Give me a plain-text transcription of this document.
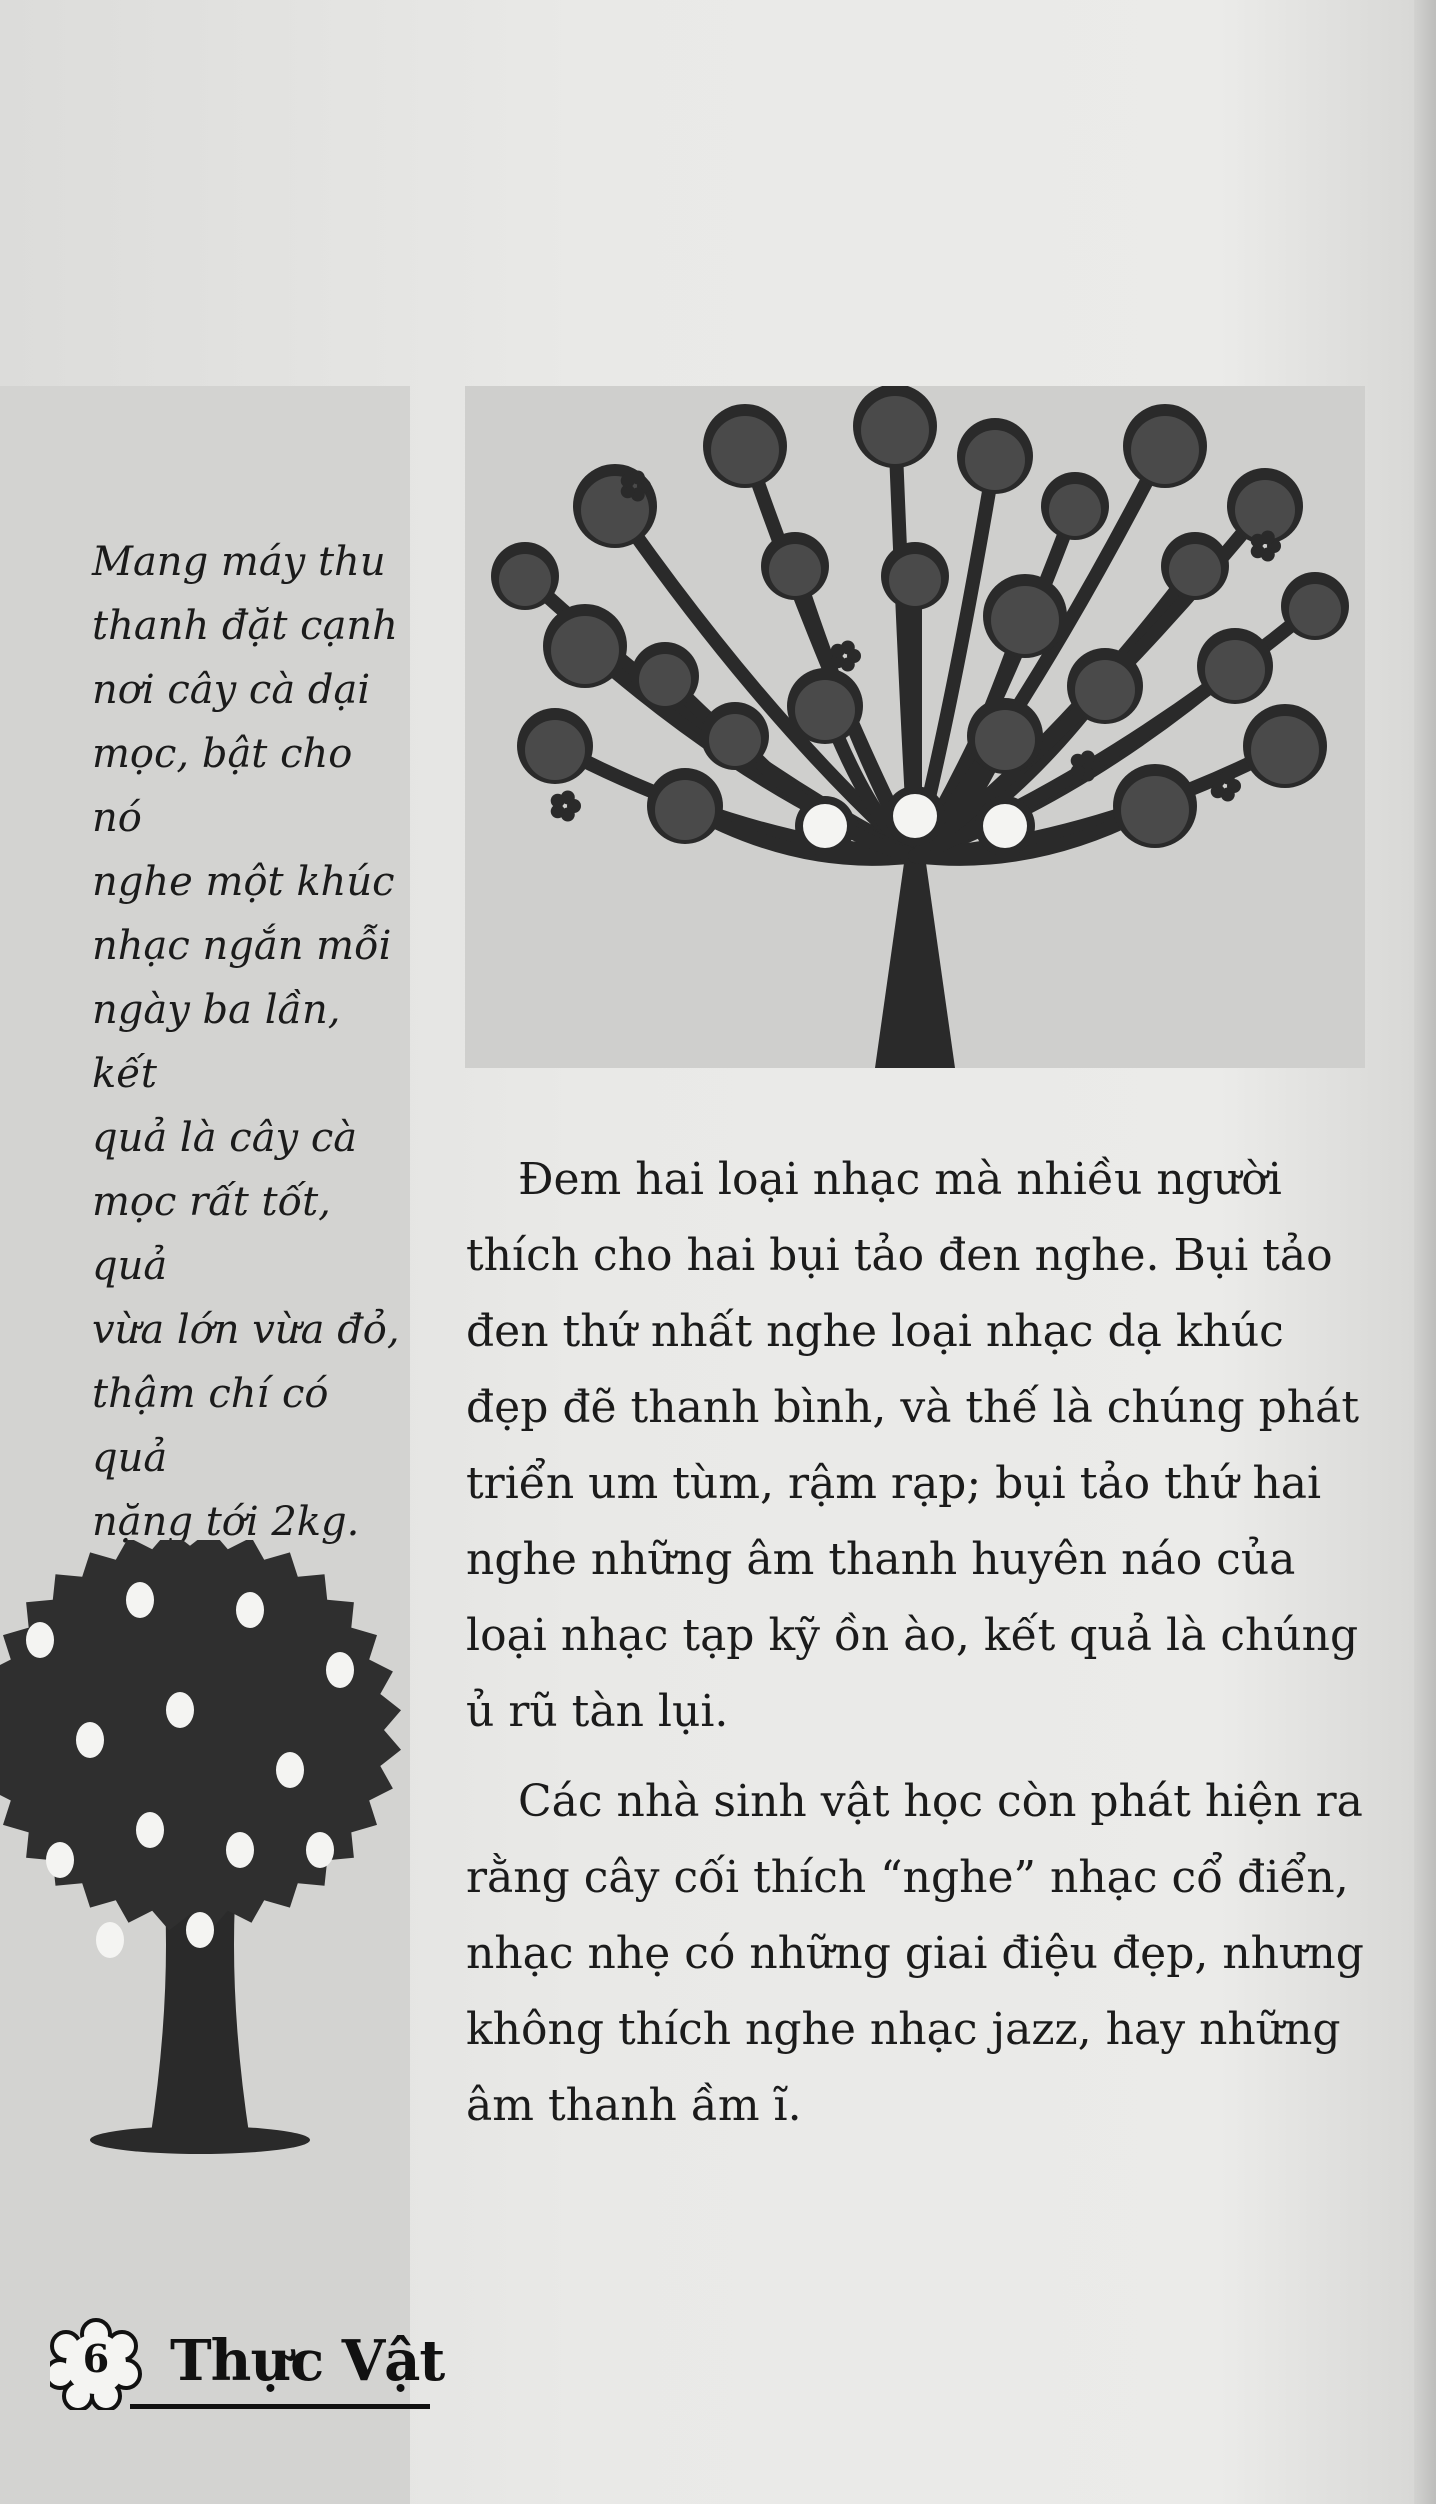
Mang máy thu
thanh đặt cạnh
nơi cây cà dại
mọc, bật cho nó
nghe một khúc
nhạc ngắn mỗi
ngày ba lần, kết
quả là cây cà
mọc rất tốt, quả
vừa lớn vừa đỏ,
thậm chí có quả
nặng tới 2kg.

Đem hai loại nhạc mà nhiều người thích cho hai bụi tảo đen nghe. Bụi tảo đen thứ nhất nghe loại nhạc dạ khúc đẹp đẽ thanh bình, và thế là chúng phát triển um tùm, rậm rạp; bụi tảo thứ hai nghe những âm thanh huyên náo của loại nhạc tạp kỹ ồn ào, kết quả là chúng ủ rũ tàn lụi.

Các nhà sinh vật học còn phát hiện ra rằng cây cối thích “nghe” nhạc cổ điển, nhạc nhẹ có những giai điệu đẹp, nhưng không thích nghe nhạc jazz, hay những âm thanh ầm ĩ.

6	Thực Vật
